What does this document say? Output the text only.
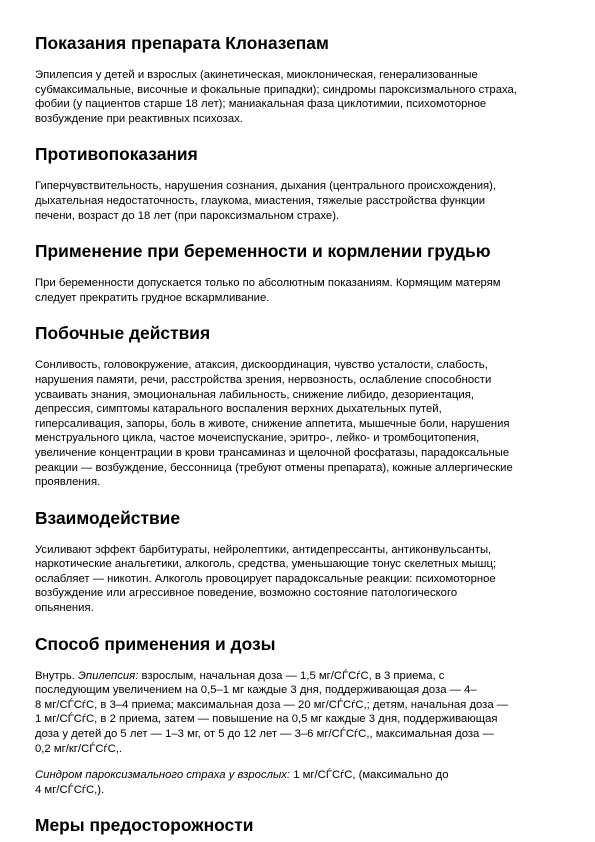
Показания препарата Клоназепам

Эпилепсия у детей и взрослых (акинетическая, миоклоническая, генерализованные
субмаксимальные, височные и фокальные припадки); синдромы пароксизмального страха,
фобии (у пациентов старше 18 лет); маниакальная фаза циклотимии, психомоторное
возбуждение при реактивных психозах.

Противопоказания

Гиперчувствительность, нарушения сознания, дыхания (центрального происхождения),
дыхательная недостаточность, глаукома, миастения, тяжелые расстройства функции
печени, возраст до 18 лет (при пароксизмальном страхе).

Применение при беременности и кормлении грудью

При беременности допускается только по абсолютным показаниям. Кормящим матерям
следует прекратить грудное вскармливание.

Побочные действия

Сонливость, головокружение, атаксия, дискоординация, чувство усталости, слабость,
нарушения памяти, речи, расстройства зрения, нервозность, ослабление способности
усваивать знания, эмоциональная лабильность, снижение либидо, дезориентация,
депрессия, симптомы катарального воспаления верхних дыхательных путей,
гиперсаливация, запоры, боль в животе, снижение аппетита, мышечные боли, нарушения
менструального цикла, частое мочеиспускание, эритро-, лейко- и тромбоцитопения,
увеличение концентрации в крови трансаминаз и щелочной фосфатазы, парадоксальные
реакции — возбуждение, бессонница (требуют отмены препарата), кожные аллергические
проявления.

Взаимодействие

Усиливают эффект барбитураты, нейролептики, антидепрессанты, антиконвульсанты,
наркотические анальгетики, алкоголь, средства, уменьшающие тонус скелетных мышц;
ослабляет — никотин. Алкоголь провоцирует парадоксальные реакции: психомоторное
возбуждение или агрессивное поведение, возможно состояние патологического
опьянения.

Способ применения и дозы

Внутрь. Эпилепсия: взрослым, начальная доза — 1,5 мг/СЃСѓС, в 3 приема, с
последующим увеличением на 0,5–1 мг каждые 3 дня, поддерживающая доза — 4–
8 мг/СЃСѓС, в 3–4 приема; максимальная доза — 20 мг/СЃСѓС,; детям, начальная доза —
1 мг/СЃСѓС, в 2 приема, затем — повышение на 0,5 мг каждые 3 дня, поддерживающая
доза у детей до 5 лет — 1–3 мг, от 5 до 12 лет — 3–6 мг/СЃСѓС,, максимальная доза —
0,2 мг/кг/СЃСѓС,.

Синдром пароксизмального страха у взрослых: 1 мг/СЃСѓС, (максимально до
4 мг/СЃСѓС,).

Меры предосторожности
